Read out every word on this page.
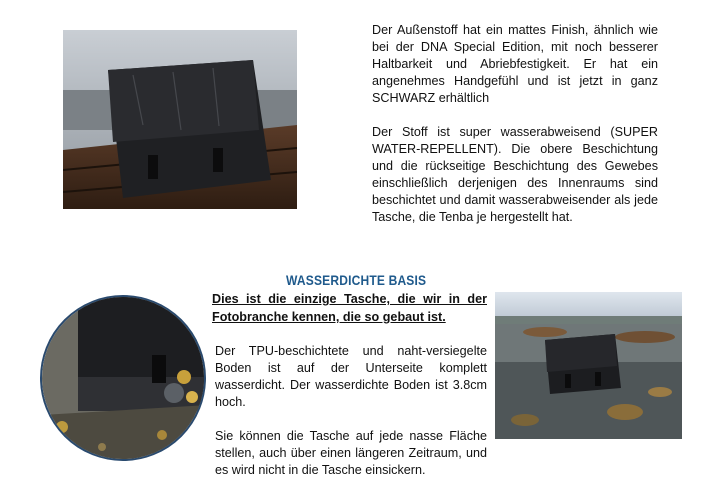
Der Außenstoff hat ein mattes Finish, ähnlich wie bei der DNA Special Edition, mit noch besserer Haltbarkeit und Abriebfestigkeit. Er hat ein angenehmes Handgefühl und ist jetzt in ganz SCHWARZ erhältlich

Der Stoff ist super wasserabweisend (SUPER WATER-REPELLENT). Die obere Beschichtung und die rückseitige Beschichtung des Gewebes einschließlich derjenigen des Innenraums sind beschichtet und damit wasserabweisender als jede Tasche, die Tenba je hergestellt hat.

WASSERDICHTE BASIS
Dies ist die einzige Tasche, die wir in der Fotobranche kennen, die so gebaut ist.

Der TPU-beschichtete und naht-versiegelte Boden ist auf der Unterseite komplett wasserdicht. Der wasserdichte Boden ist 3.8cm hoch.

Sie können die Tasche auf jede nasse Fläche stellen, auch über einen längeren Zeitraum, und es wird nicht in die Tasche einsickern.
